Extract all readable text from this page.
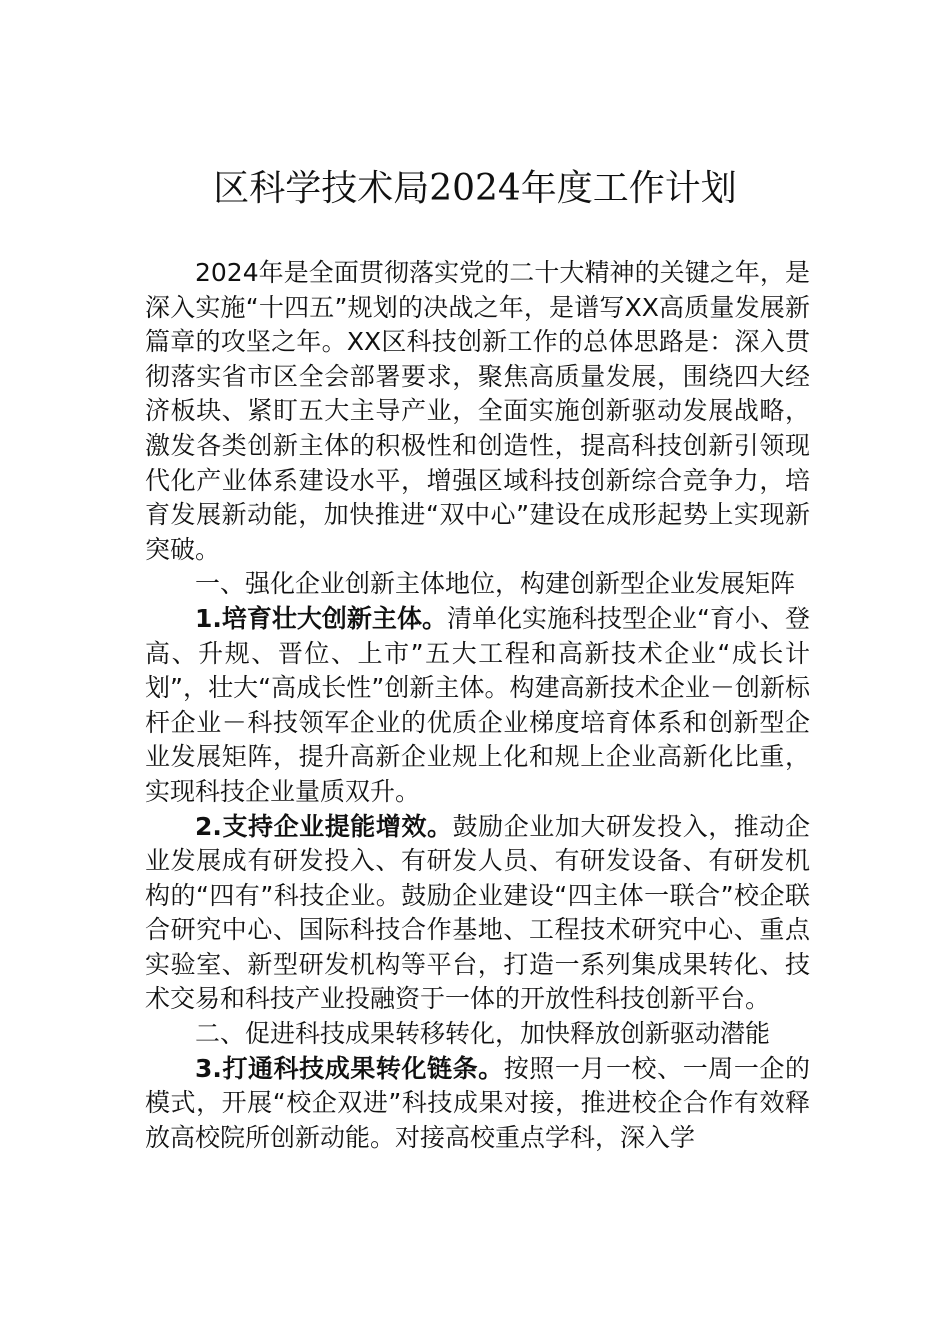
区科学技术局2024年度工作计划

2024年是全面贯彻落实党的二十大精神的关键之年，是深入实施“十四五”规划的决战之年，是谱写XX高质量发展新篇章的攻坚之年。XX区科技创新工作的总体思路是：深入贯彻落实省市区全会部署要求，聚焦高质量发展，围绕四大经济板块、紧盯五大主导产业，全面实施创新驱动发展战略，激发各类创新主体的积极性和创造性，提高科技创新引领现代化产业体系建设水平，增强区域科技创新综合竞争力，培育发展新动能，加快推进“双中心”建设在成形起势上实现新突破。

一、强化企业创新主体地位，构建创新型企业发展矩阵

1.培育壮大创新主体。清单化实施科技型企业“育小、登高、升规、晋位、上市”五大工程和高新技术企业“成长计划”，壮大“高成长性”创新主体。构建高新技术企业－创新标杆企业－科技领军企业的优质企业梯度培育体系和创新型企业发展矩阵，提升高新企业规上化和规上企业高新化比重，实现科技企业量质双升。

2.支持企业提能增效。鼓励企业加大研发投入，推动企业发展成有研发投入、有研发人员、有研发设备、有研发机构的“四有”科技企业。鼓励企业建设“四主体一联合”校企联合研究中心、国际科技合作基地、工程技术研究中心、重点实验室、新型研发机构等平台，打造一系列集成果转化、技术交易和科技产业投融资于一体的开放性科技创新平台。

二、促进科技成果转移转化，加快释放创新驱动潜能

3.打通科技成果转化链条。按照一月一校、一周一企的模式，开展“校企双进”科技成果对接，推进校企合作有效释放高校院所创新动能。对接高校重点学科，深入学
